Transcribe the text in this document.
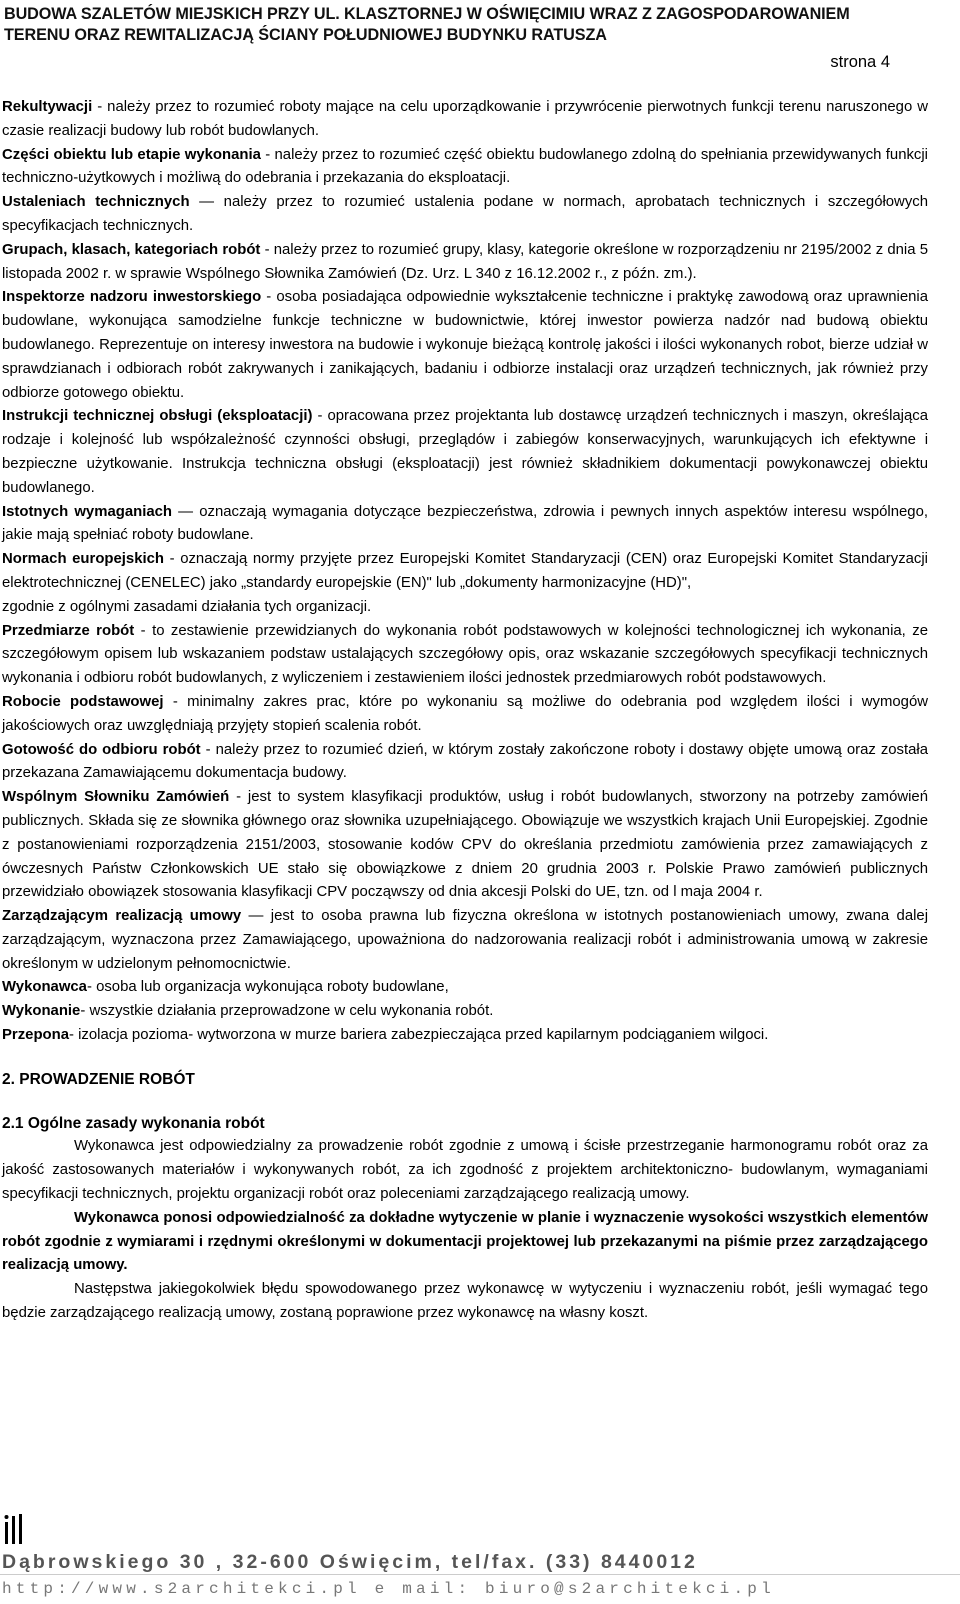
BUDOWA SZALETÓW MIEJSKICH PRZY UL. KLASZTORNEJ W OŚWIĘCIMIU WRAZ Z ZAGOSPODAROWANIEM
TERENU ORAZ REWITALIZACJĄ ŚCIANY POŁUDNIOWEJ BUDYNKU RATUSZA
strona 4

Rekultywacji - należy przez to rozumieć roboty mające na celu uporządkowanie i przywrócenie pierwotnych funkcji terenu naruszonego w czasie realizacji budowy lub robót budowlanych.

Części obiektu lub etapie wykonania - należy przez to rozumieć część obiektu budowlanego zdolną do spełniania przewidywanych funkcji techniczno-użytkowych i możliwą do odebrania i przekazania do eksploatacji.

Ustaleniach technicznych — należy przez to rozumieć ustalenia podane w normach, aprobatach technicznych i szczegółowych specyfikacjach technicznych.

Grupach, klasach, kategoriach robót - należy przez to rozumieć grupy, klasy, kategorie określone w rozporządzeniu nr 2195/2002 z dnia 5 listopada 2002 r. w sprawie Wspólnego Słownika Zamówień (Dz. Urz. L 340 z 16.12.2002 r., z późn. zm.).

Inspektorze nadzoru inwestorskiego - osoba posiadająca odpowiednie wykształcenie techniczne i praktykę zawodową oraz uprawnienia budowlane, wykonująca samodzielne funkcje techniczne w budownictwie, której inwestor powierza nadzór nad budową obiektu budowlanego. Reprezentuje on interesy inwestora na budowie i wykonuje bieżącą kontrolę jakości i ilości wykonanych robot, bierze udział w sprawdzianach i odbiorach robót zakrywanych i zanikających, badaniu i odbiorze instalacji oraz urządzeń technicznych, jak również przy odbiorze gotowego obiektu.

Instrukcji technicznej obsługi (eksploatacji) - opracowana przez projektanta lub dostawcę urządzeń technicznych i maszyn, określająca rodzaje i kolejność lub współzależność czynności obsługi, przeglądów i zabiegów konserwacyjnych, warunkujących ich efektywne i bezpieczne użytkowanie. Instrukcja techniczna obsługi (eksploatacji) jest również składnikiem dokumentacji powykonawczej obiektu budowlanego.

Istotnych wymaganiach — oznaczają wymagania dotyczące bezpieczeństwa, zdrowia i pewnych innych aspektów interesu wspólnego, jakie mają spełniać roboty budowlane.

Normach europejskich - oznaczają normy przyjęte przez Europejski Komitet Standaryzacji (CEN) oraz Europejski Komitet Standaryzacji elektrotechnicznej (CENELEC) jako „standardy europejskie (EN)" lub „dokumenty harmonizacyjne (HD)",

zgodnie z ogólnymi zasadami działania tych organizacji.

Przedmiarze robót - to zestawienie przewidzianych do wykonania robót podstawowych w kolejności technologicznej ich wykonania, ze szczegółowym opisem lub wskazaniem podstaw ustalających szczegółowy opis, oraz wskazanie szczegółowych specyfikacji technicznych wykonania i odbioru robót budowlanych, z wyliczeniem i zestawieniem ilości jednostek przedmiarowych robót podstawowych.

Robocie podstawowej - minimalny zakres prac, które po wykonaniu są możliwe do odebrania pod względem ilości i wymogów jakościowych oraz uwzględniają przyjęty stopień scalenia robót.

Gotowość do odbioru robót - należy przez to rozumieć dzień, w którym zostały zakończone roboty i dostawy objęte umową oraz została przekazana Zamawiającemu dokumentacja budowy.

Wspólnym Słowniku Zamówień - jest to system klasyfikacji produktów, usług i robót budowlanych, stworzony na potrzeby zamówień publicznych. Składa się ze słownika głównego oraz słownika uzupełniającego. Obowiązuje we wszystkich krajach Unii Europejskiej. Zgodnie z postanowieniami rozporządzenia 2151/2003, stosowanie kodów CPV do określania przedmiotu zamówienia przez zamawiających z ówczesnych Państw Członkowskich UE stało się obowiązkowe z dniem 20 grudnia 2003 r. Polskie Prawo zamówień publicznych przewidziało obowiązek stosowania klasyfikacji CPV począwszy od dnia akcesji Polski do UE, tzn. od l maja 2004 r.

Zarządzającym realizacją umowy — jest to osoba prawna lub fizyczna określona w istotnych postanowieniach umowy, zwana dalej zarządzającym, wyznaczona przez Zamawiającego, upoważniona do nadzorowania realizacji robót i administrowania umową w zakresie określonym w udzielonym pełnomocnictwie.

Wykonawca- osoba lub organizacja wykonująca roboty budowlane,

Wykonanie- wszystkie działania przeprowadzone w celu wykonania robót.

Przepona- izolacja pozioma- wytworzona w murze bariera zabezpieczająca przed kapilarnym podciąganiem wilgoci.

2. PROWADZENIE ROBÓT

2.1 Ogólne zasady wykonania robót

Wykonawca jest odpowiedzialny za prowadzenie robót zgodnie z umową i ścisłe przestrzeganie harmonogramu robót oraz za jakość zastosowanych materiałów i wykonywanych robót, za ich zgodność z projektem architektoniczno- budowlanym, wymaganiami specyfikacji technicznych, projektu organizacji robót oraz poleceniami zarządzającego realizacją umowy.

Wykonawca ponosi odpowiedzialność za dokładne wytyczenie w planie i wyznaczenie wysokości wszystkich elementów robót zgodnie z wymiarami i rzędnymi określonymi w dokumentacji projektowej lub przekazanymi na piśmie przez zarządzającego realizacją umowy.

Następstwa jakiegokolwiek błędu spowodowanego przez wykonawcę w wytyczeniu i wyznaczeniu robót, jeśli wymagać tego będzie zarządzającego realizacją umowy, zostaną poprawione przez wykonawcę na własny koszt.

Dąbrowskiego 30 , 32-600 Oświęcim, tel/fax. (33) 8440012
http://www.s2architekci.pl e mail: biuro@s2architekci.pl
